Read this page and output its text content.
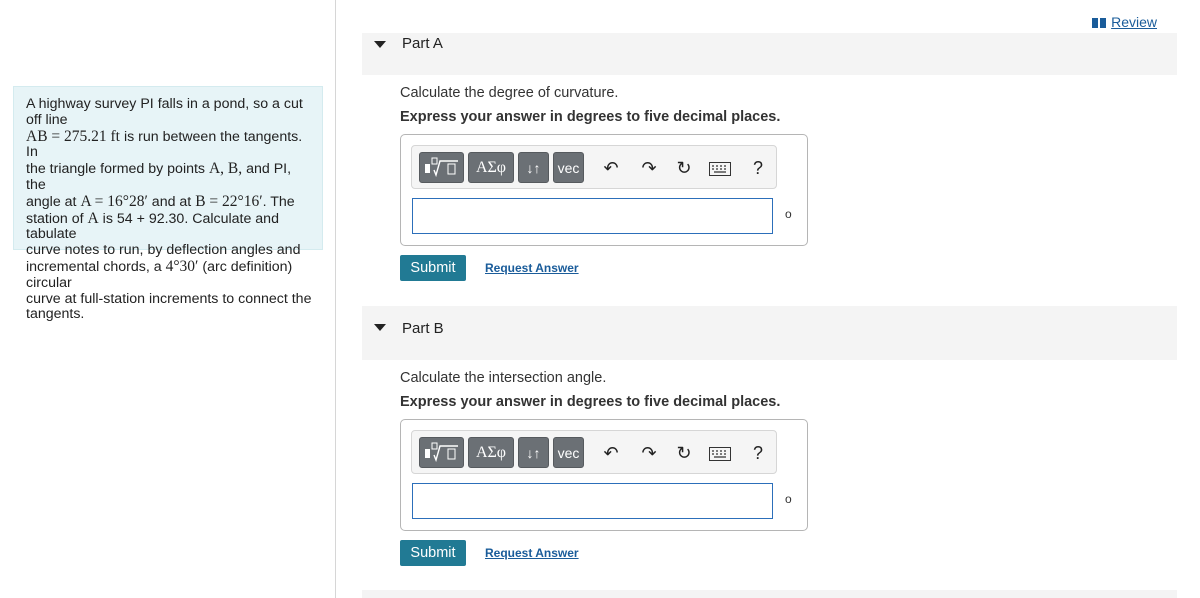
A highway survey PI falls in a pond, so a cut off line
AB = 275.21 ft is run between the tangents. In
the triangle formed by points A, B, and PI, the
angle at A = 16°28′ and at B = 22°16′. The
station of A is 54 + 92.30. Calculate and tabulate
curve notes to run, by deflection angles and
incremental chords, a 4°30′ (arc definition) circular
curve at full-station increments to connect the
tangents.
Review
Part A
Calculate the degree of curvature.
Express your answer in degrees to five decimal places.
ΑΣφ ↓↑ vec ↶ ↷ ↻	?
o
Submit	Request Answer
Part B
Calculate the intersection angle.
Express your answer in degrees to five decimal places.
ΑΣφ ↓↑ vec ↶ ↷ ↻	?
o
Submit	Request Answer
